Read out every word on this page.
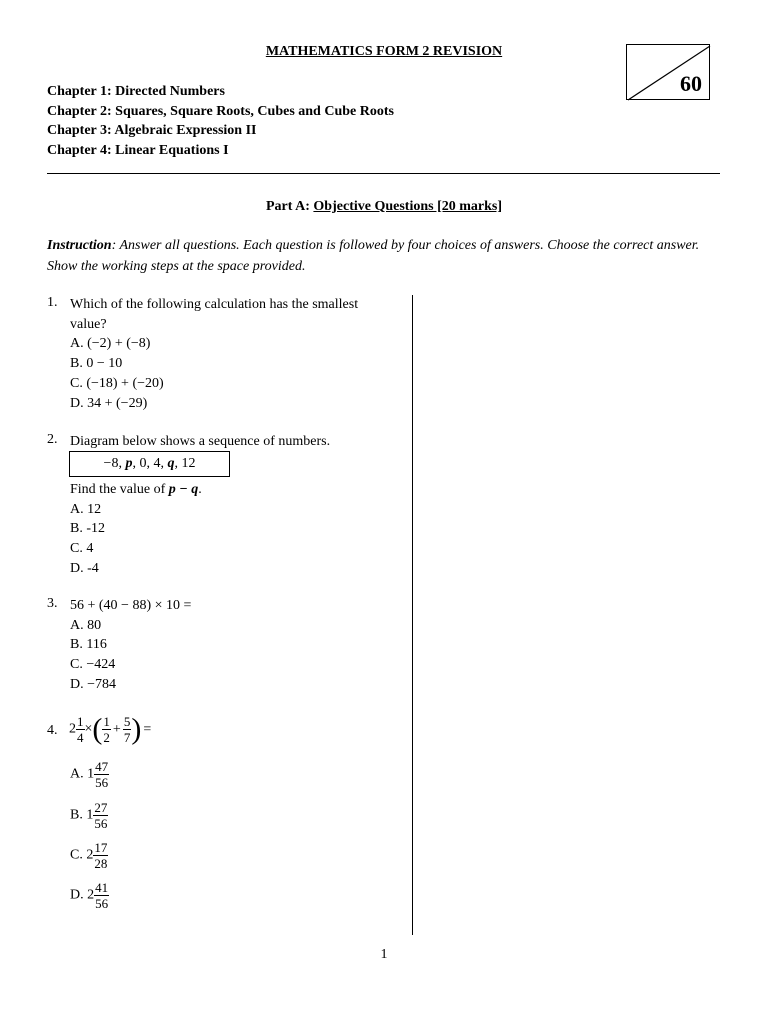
MATHEMATICS FORM 2 REVISION
Chapter 1: Directed Numbers
Chapter 2: Squares, Square Roots, Cubes and Cube Roots
Chapter 3: Algebraic Expression II
Chapter 4: Linear Equations I
60
Part A: Objective Questions [20 marks]
Instruction: Answer all questions. Each question is followed by four choices of answers. Choose the correct answer. Show the working steps at the space provided.
1. Which of the following calculation has the smallest
value?
A. (−2) + (−8)
B. 0 − 10
C. (−18) + (−20)
D. 34 + (−29)
2. Diagram below shows a sequence of numbers.
−8, p, 0, 4, q, 12
Find the value of p − q.
A. 12
B. -12
C. 4
D. -4
3. 56 + (40 − 88) × 10 =
A. 80
B. 116
C. −424
D. −784
4. $2 \frac{1}{4}$ ×( $\frac{1}{2} + \frac{5}{7}$ ) =
A. $1 \frac{47}{56}$
B. $1 \frac{27}{56}$
C. $2 \frac{17}{28}$
D. $2 \frac{41}{56}$
1
